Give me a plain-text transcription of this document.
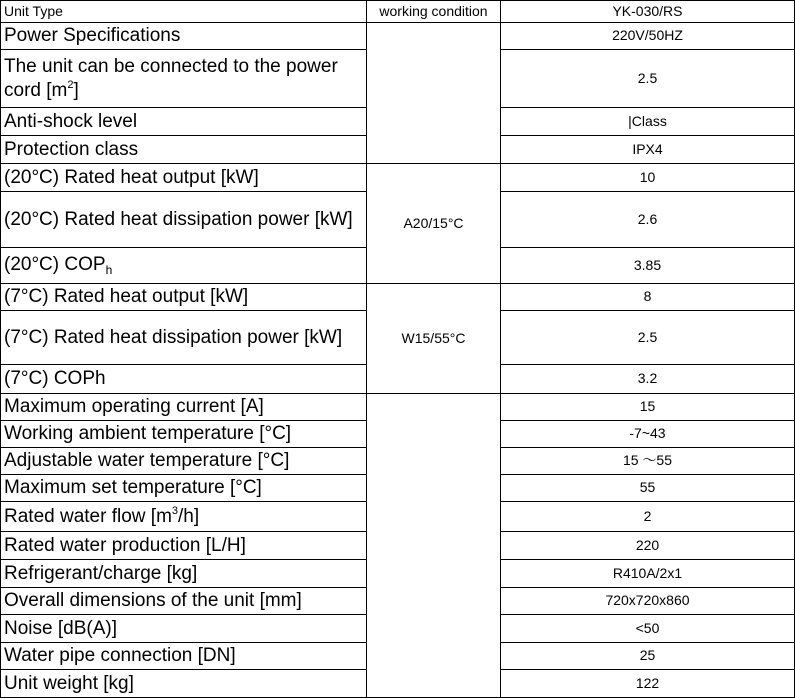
Unit Type	working condition	YK-030/RS
Power Specifications		220V/50HZ
The unit can be connected to the power cord $[m^2]$		2.5
Anti-shock level		|Class
Protection class		IPX4
(20°C) Rated heat output [kW]	A20/15°C	10
(20°C) Rated heat dissipation power [kW]		2.6
(20°C) $COP_h$		3.85
(7°C) Rated heat output [kW]	W15/55°C	8
(7°C) Rated heat dissipation power [kW]		2.5
(7°C) COPh		3.2
Maximum operating current [A]		15
Working ambient temperature [°C]		-7~43
Adjustable water temperature [°C]		15 ～55
Maximum set temperature [°C]		55
Rated water flow $[m^3/h]$		2
Rated water production [L/H]		220
Refrigerant/charge [kg]		R410A/2x1
Overall dimensions of the unit [mm]		720x720x860
Noise [dB(A)]		<50
Water pipe connection [DN]		25
Unit weight [kg]		122
